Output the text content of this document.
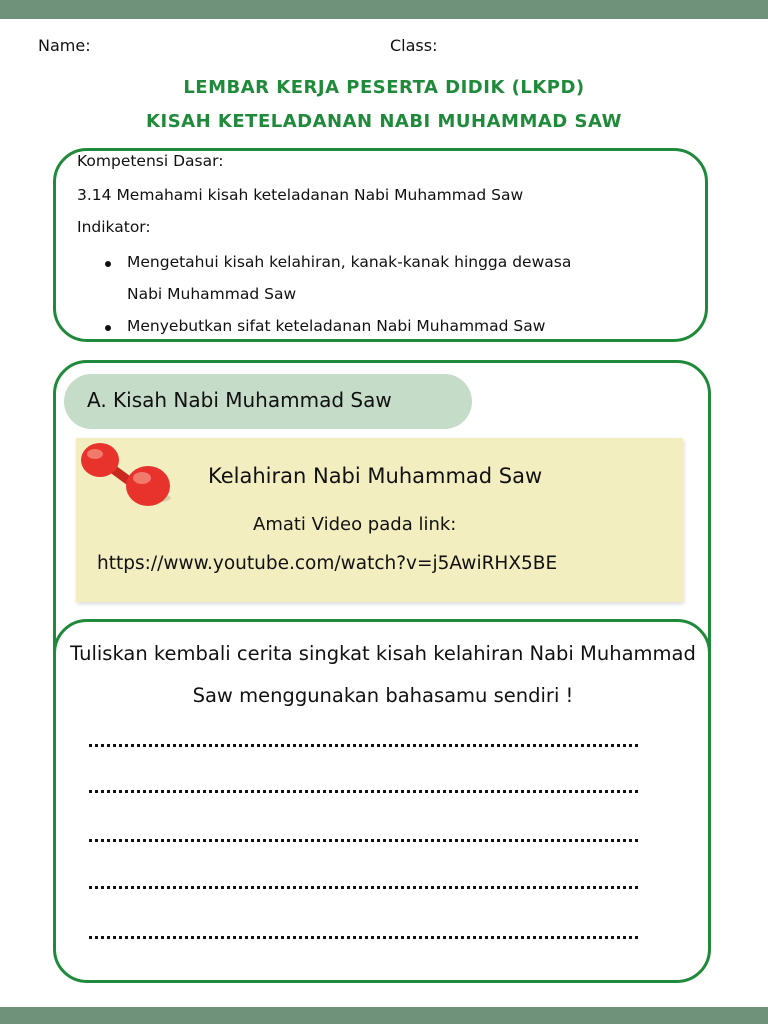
Name:	Class:
LEMBAR KERJA PESERTA DIDIK (LKPD)
KISAH KETELADANAN NABI MUHAMMAD SAW
Kompetensi Dasar:
3.14 Memahami kisah keteladanan Nabi Muhammad Saw
Indikator:
Mengetahui kisah kelahiran, kanak-kanak hingga dewasa
Nabi Muhammad Saw
Menyebutkan sifat keteladanan Nabi Muhammad Saw
A. Kisah Nabi Muhammad Saw
Kelahiran Nabi Muhammad Saw
Amati Video pada link:
https://www.youtube.com/watch?v=j5AwiRHX5BE
Tuliskan kembali cerita singkat kisah kelahiran Nabi Muhammad Saw menggunakan bahasamu sendiri !
